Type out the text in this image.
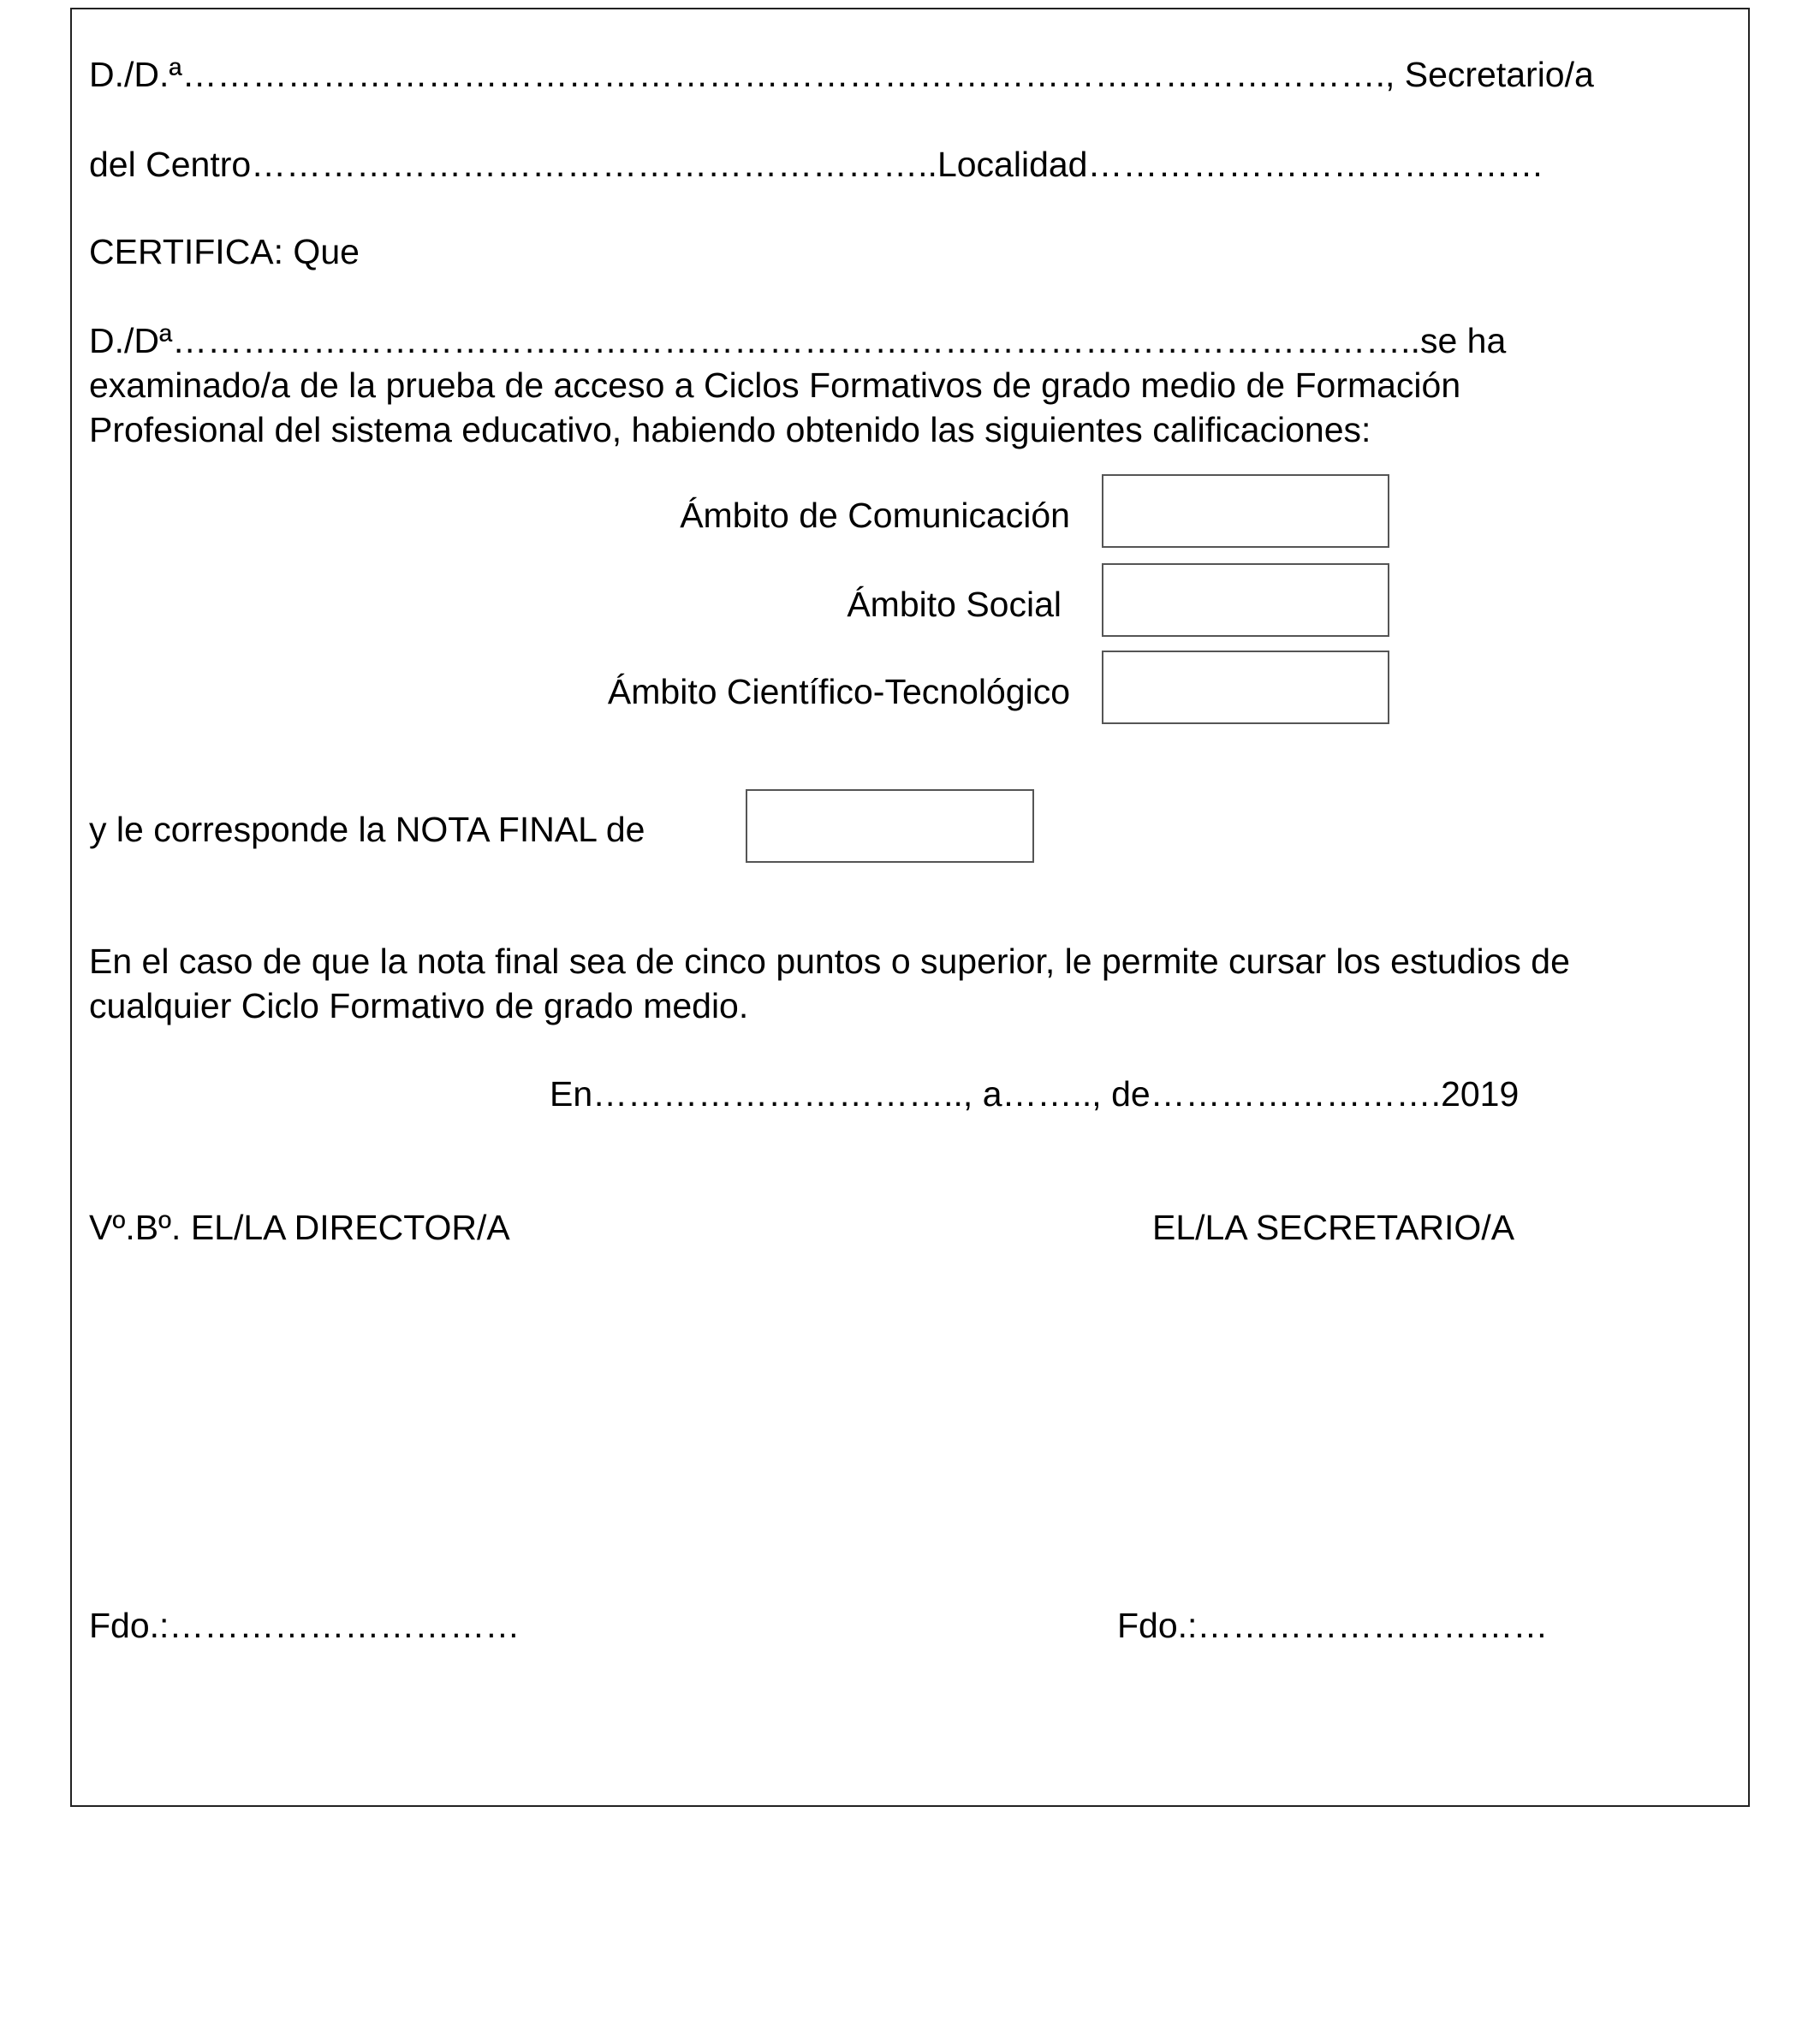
D./D.ª…………………………………………………………………………………………., Secretario/a
del Centro…………………………………………………..Localidad…………………………………
CERTIFICA: Que
D./Dª……………………………………………………………………………………………..se ha
examinado/a de la prueba de acceso a Ciclos Formativos de grado medio de Formación
Profesional del sistema educativo, habiendo obtenido las siguientes calificaciones:
Ámbito de Comunicación
Ámbito Social
Ámbito Científico-Tecnológico
y le corresponde la NOTA FINAL de
En el caso de que la nota final sea de cinco puntos o superior, le permite cursar los estudios de
cualquier Ciclo Formativo de grado medio.
En………………………….., a…….., de…………………….2019
Vº.Bº. EL/LA DIRECTOR/A	EL/LA SECRETARIO/A
Fdo.:…………………………	Fdo.:…………………………
